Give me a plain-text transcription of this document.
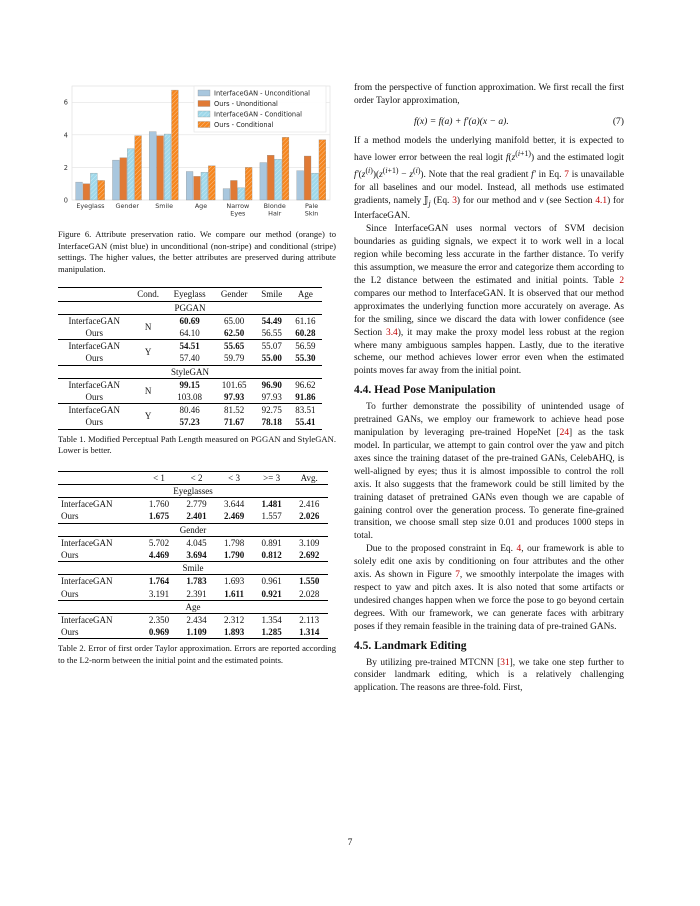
0
2
4
6
Eyeglass Gender	Smile	Age	Narrow
Eyes
Blonde
Hair
Pale
Skin
InterfaceGAN - Unconditional
Ours - Unonditional
InterfaceGAN - Conditional
Ours - Conditional
Figure 6. Attribute preservation ratio. We compare our method (orange) to InterfaceGAN (mist blue) in unconditional (non-stripe) and conditional (stripe) settings. The higher values, the better attributes are preserved during attribute manipulation.
	Cond.	Eyeglass	Gender	Smile	Age
PGGAN					
InterfaceGAN	N	60.69	65.00	54.49	61.16
Ours		64.10	62.50	56.55	60.28
InterfaceGAN	Y	54.51	55.65	55.07	56.59
Ours		57.40	59.79	55.00	55.30
StyleGAN					
InterfaceGAN	N	99.15	101.65	96.90	96.62
Ours		103.08	97.93	97.93	91.86
InterfaceGAN	Y	80.46	81.52	92.75	83.51
Ours		57.23	71.67	78.18	55.41

Table 1. Modified Perceptual Path Length measured on PGGAN and StyleGAN. Lower is better.
	< 1	< 2	< 3	>= 3	Avg.
Eyeglasses					
InterfaceGAN	1.760	2.779	3.644	1.481	2.416
Ours	1.675	2.401	2.469	1.557	2.026
Gender					
InterfaceGAN	5.702	4.045	1.798	0.891	3.109
Ours	4.469	3.694	1.790	0.812	2.692
Smile					
InterfaceGAN	1.764	1.783	1.693	0.961	1.550
Ours	3.191	2.391	1.611	0.921	2.028
Age					
InterfaceGAN	2.350	2.434	2.312	1.354	2.113
Ours	0.969	1.109	1.893	1.285	1.314

Table 2. Error of first order Taylor approximation. Errors are reported according to the L2-norm between the initial point and the estimated points.

from the perspective of function approximation. We first recall the first order Taylor approximation,

f(x) = f(a) + f′(a)(x − a).	(7)

If a method models the underlying manifold better, it is expected to have lower error between the real logit $f(z^{(i+1)})$ and the estimated logit $f'(z^{(i)})(z^{(i+1)} - z^{(i)})$. Note that the real gradient f′ in Eq. 7 is unavailable for all baselines and our model. Instead, all methods use estimated gradients, namely 𝕁$_j$ (Eq. 3) for our method and v (see Section 4.1) for InterfaceGAN.

Since InterfaceGAN uses normal vectors of SVM decision boundaries as guiding signals, we expect it to work well in a local region while becoming less accurate in the farther distance. To verify this assumption, we measure the error and categorize them according to the L2 distance between the estimated and initial points. Table 2 compares our method to InterfaceGAN. It is observed that our method approximates the underlying function more accurately on average. As for the smiling, since we discard the data with lower confidence (see Section 3.4), it may make the proxy model less robust at the region where many ambiguous samples happen. Lastly, due to the iterative scheme, our method achieves lower error even when the estimated points moves far away from the initial point.

4.4. Head Pose Manipulation

To further demonstrate the possibility of unintended usage of pretrained GANs, we employ our framework to achieve head pose manipulation by leveraging pre-trained HopeNet [24] as the task model. In particular, we attempt to gain control over the yaw and pitch axes since the training dataset of the pre-trained GANs, CelebAHQ, is well-aligned by eyes; thus it is almost impossible to control the roll axis. It also suggests that the framework could be still limited by the training dataset of pretrained GANs even though we are capable of gaining control over the generation process. To generate fine-grained transition, we choose small step size 0.01 and produces 1000 steps in total.

Due to the proposed constraint in Eq. 4, our framework is able to solely edit one axis by conditioning on four attributes and the other axis. As shown in Figure 7, we smoothly interpolate the images with respect to yaw and pitch axes. It is also noted that some artifacts or undesired changes happen when we force the pose to go beyond certain degrees. With our framework, we can generate faces with arbitrary poses if they remain feasible in the training data of pre-trained GANs.

4.5. Landmark Editing

By utilizing pre-trained MTCNN [31], we take one step further to consider landmark editing, which is a relatively challenging application. The reasons are three-fold. First,

7
